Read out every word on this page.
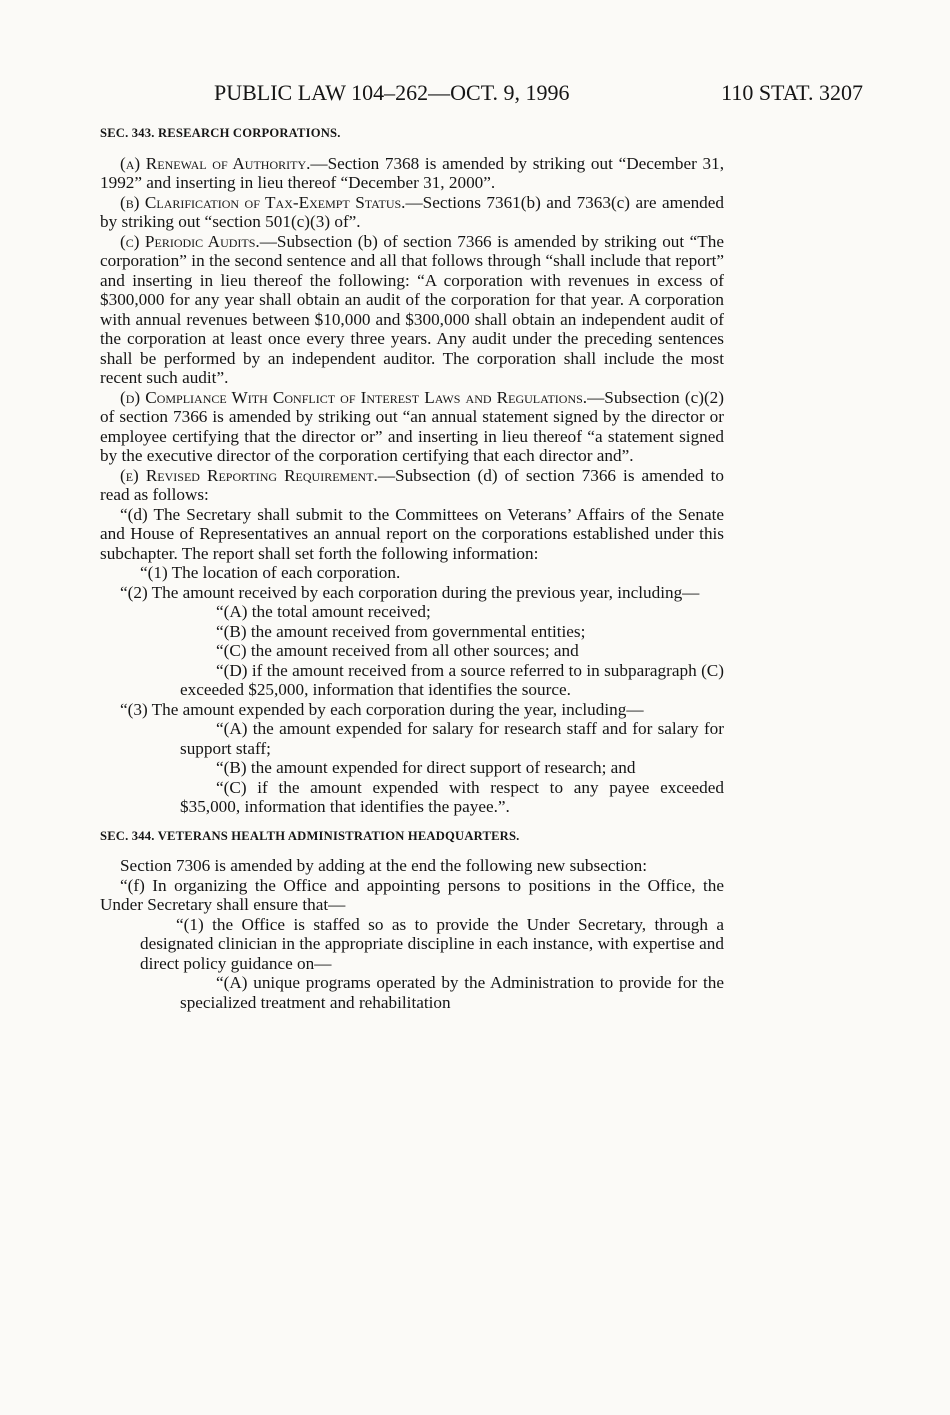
PUBLIC LAW 104–262—OCT. 9, 1996	110 STAT. 3207
SEC. 343. RESEARCH CORPORATIONS.

(a) Renewal of Authority.—Section 7368 is amended by striking out “December 31, 1992” and inserting in lieu thereof “December 31, 2000”.

(b) Clarification of Tax-Exempt Status.—Sections 7361(b) and 7363(c) are amended by striking out “section 501(c)(3) of”.

(c) Periodic Audits.—Subsection (b) of section 7366 is amended by striking out “The corporation” in the second sentence and all that follows through “shall include that report” and inserting in lieu thereof the following: “A corporation with revenues in excess of $300,000 for any year shall obtain an audit of the corporation for that year. A corporation with annual revenues between $10,000 and $300,000 shall obtain an independent audit of the corporation at least once every three years. Any audit under the preceding sentences shall be performed by an independent auditor. The corporation shall include the most recent such audit”.

(d) Compliance With Conflict of Interest Laws and Regulations.—Subsection (c)(2) of section 7366 is amended by striking out “an annual statement signed by the director or employee certifying that the director or” and inserting in lieu thereof “a statement signed by the executive director of the corporation certifying that each director and”.

(e) Revised Reporting Requirement.—Subsection (d) of section 7366 is amended to read as follows:

“(d) The Secretary shall submit to the Committees on Veterans’ Affairs of the Senate and House of Representatives an annual report on the corporations established under this subchapter. The report shall set forth the following information:

“(1) The location of each corporation.

“(2) The amount received by each corporation during the previous year, including—

“(A) the total amount received;

“(B) the amount received from governmental entities;

“(C) the amount received from all other sources; and

“(D) if the amount received from a source referred to in subparagraph (C) exceeded $25,000, information that identifies the source.

“(3) The amount expended by each corporation during the year, including—

“(A) the amount expended for salary for research staff and for salary for support staff;

“(B) the amount expended for direct support of research; and

“(C) if the amount expended with respect to any payee exceeded $35,000, information that identifies the payee.”.

SEC. 344. VETERANS HEALTH ADMINISTRATION HEADQUARTERS.

Section 7306 is amended by adding at the end the following new subsection:

“(f) In organizing the Office and appointing persons to positions in the Office, the Under Secretary shall ensure that—

“(1) the Office is staffed so as to provide the Under Secretary, through a designated clinician in the appropriate discipline in each instance, with expertise and direct policy guidance on—

“(A) unique programs operated by the Administration to provide for the specialized treatment and rehabilitation
